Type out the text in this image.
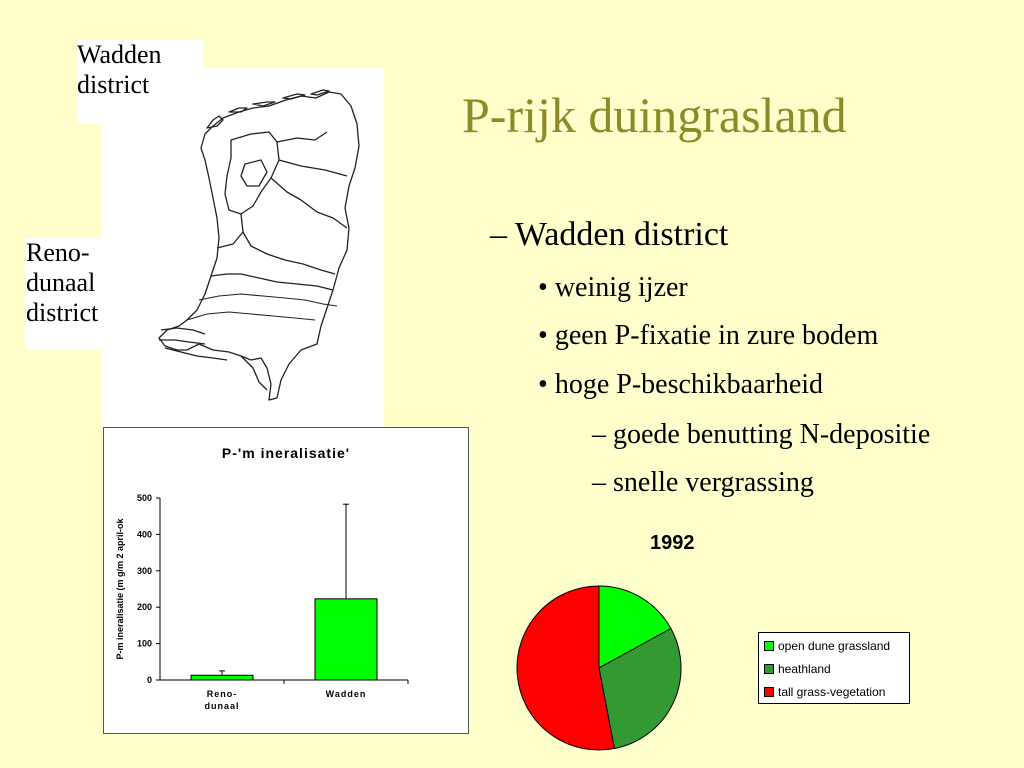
P-rijk duingrasland
– Wadden district
• weinig ijzer
• geen P-fixatie in zure bodem
• hoge P-beschikbaarheid
– goede benutting N-depositie
– snelle vergrassing
Wadden
district
Reno-
dunaal
district
P-'m ineralisatie'
0
100
200
300
400
500
P-m ineralisatie (m g/m 2 april-ok
Reno-
dunaal
Wadden
1992
open dune grassland
heathland
tall grass-vegetation
